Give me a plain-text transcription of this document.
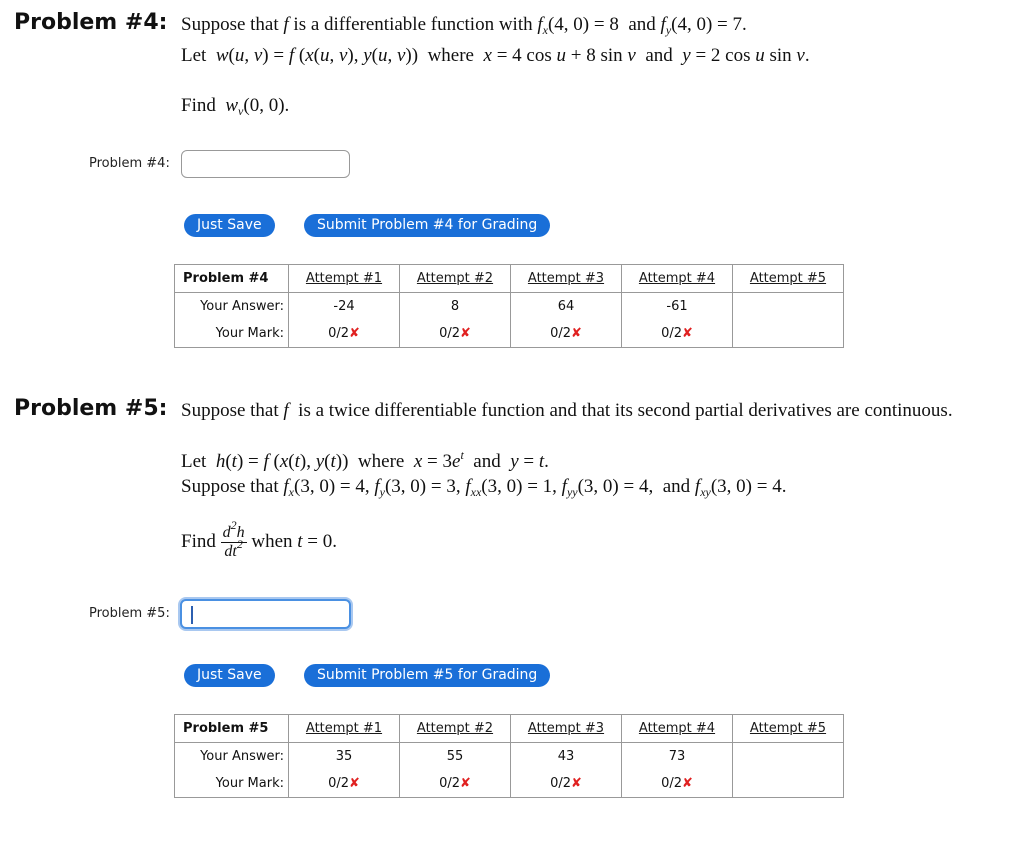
Problem #4: Suppose that f is a differentiable function with $f_x(4$, 0) = 8  and $f_y(4$, 0) = 7.
Let  w(u, v) = f (x(u, v), y(u, v))  where  x = 4 cos u + 8 sin v  and  y = 2 cos u sin v.
Find  $w_v(0$, 0).
Problem #4:
Just Save	Submit Problem #4 for Grading
Problem #4	Attempt #1	Attempt #2	Attempt #3	Attempt #4	Attempt #5
Your Answer:	-24	8	64	-61	
Your Mark:	0/2✘	0/2✘	0/2✘	0/2✘	
Problem #5: Suppose that f  is a twice differentiable function and that its second partial derivatives are continuous.
Let  h(t) = f (x(t), y(t))  where  $x = 3e^t$  and  y = t.
Suppose that $f_x(3$, 0) = 4, $f_y(3$, 0) = 3, $f_{xx}(3$, 0) = 1, $f_{yy}(3$, 0) = 4,  and $f_{xy}(3$, 0) = 4.
Find $\frac{d^2h}{dt^2}$ when t = 0.
Problem #5:
Just Save	Submit Problem #5 for Grading
Problem #5	Attempt #1	Attempt #2	Attempt #3	Attempt #4	Attempt #5
Your Answer:	35	55	43	73	
Your Mark:	0/2✘	0/2✘	0/2✘	0/2✘	
